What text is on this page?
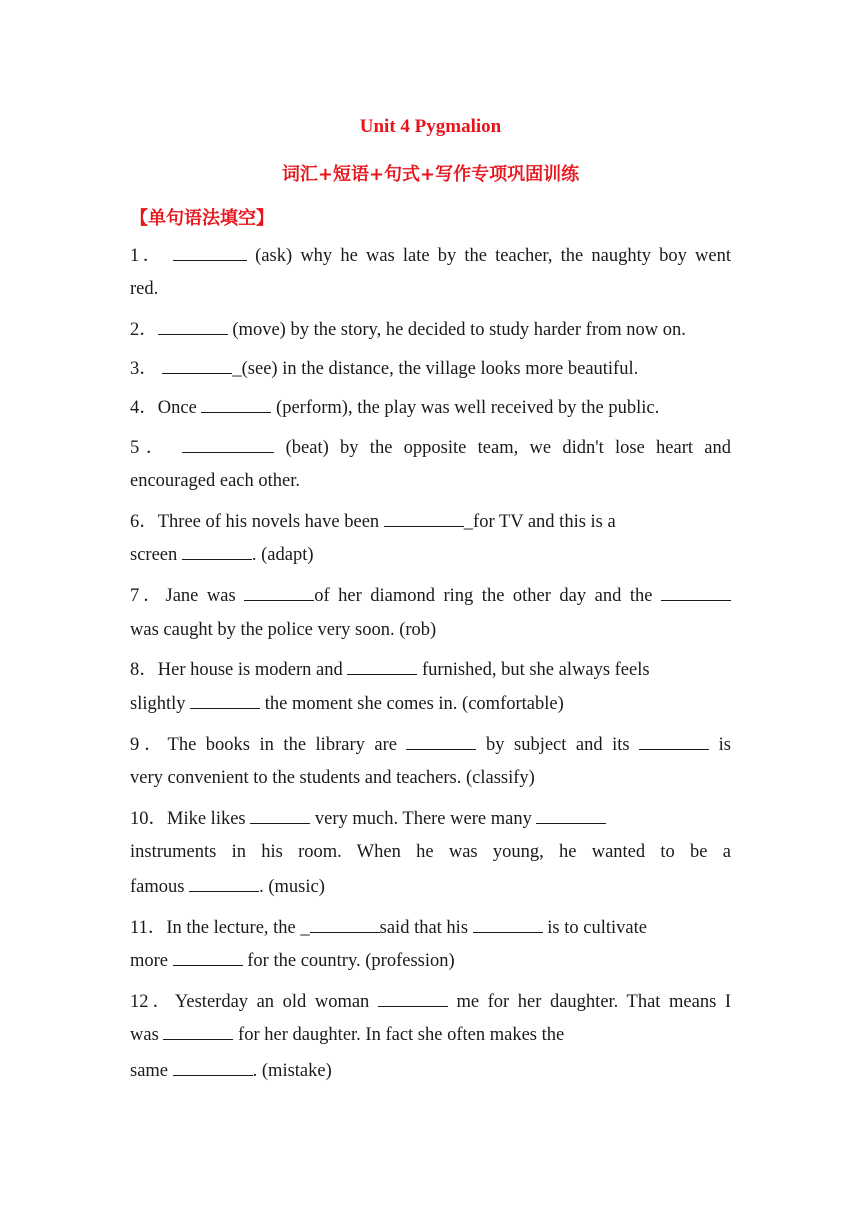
Unit 4 Pygmalion
词汇+短语+句式+写作专项巩固训练
【单句语法填空】
1．	(ask) why he was late by the teacher, the naughty boy went
red.
2．	(move) by the story, he decided to study harder from now on.
3．	_(see) in the distance, the village looks more beautiful.
4．Once	(perform), the play was well received by the public.
5．	(beat) by the opposite team, we didn't lose heart and
encouraged each other.
6．Three of his novels have been	_for TV and this is a
screen	. (adapt)
7．Jane was	of her diamond ring the other day and the
was caught by the police very soon. (rob)
8．Her house is modern and	furnished, but she always feels
slightly	the moment she comes in. (comfortable)
9．The books in the library are	by subject and its	is
very convenient to the students and teachers. (classify)
10．Mike likes	very much. There were many
instruments in his room. When he was young, he wanted to be a
famous	. (music)
11．In the lecture, the _	said that his	is to cultivate
more	for the country. (profession)
12．Yesterday an old woman	me for her daughter. That means I
was	for her daughter. In fact she often makes the
same	. (mistake)
